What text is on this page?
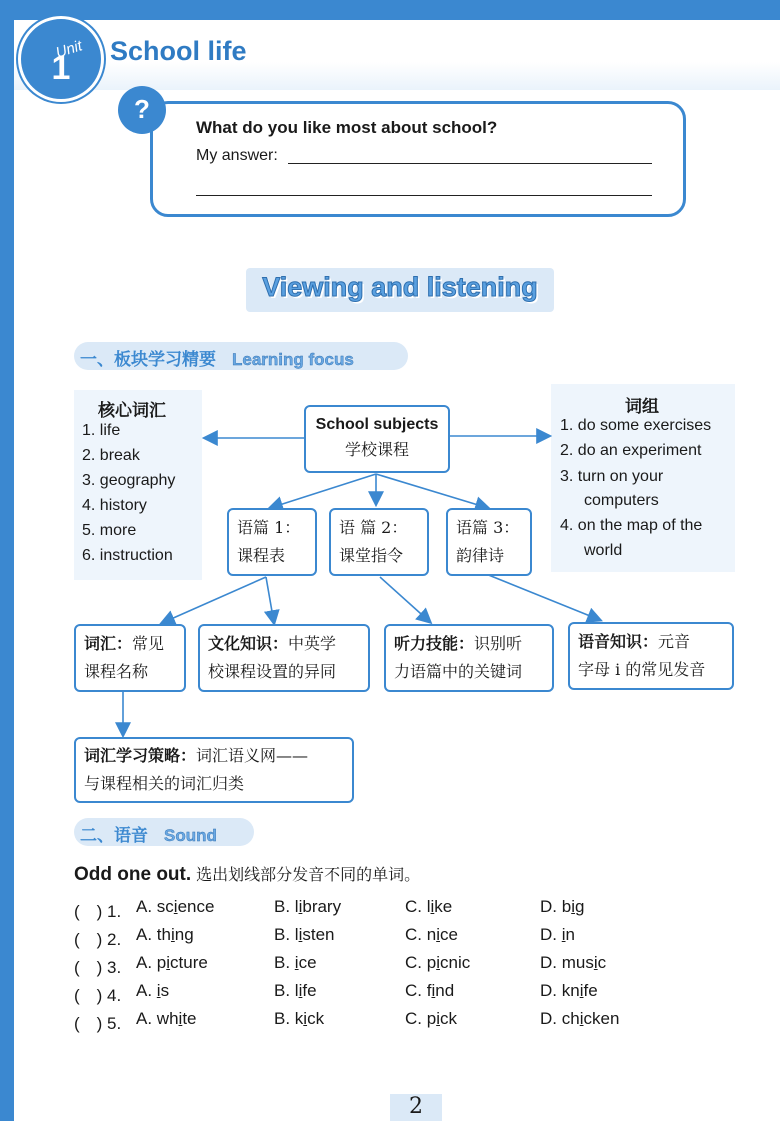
Unit
1	School life
?
What do you like most about school?
My answer:
Viewing and listening
一、板块学习精要 Learning focus
核心词汇
1. life
2. break
3. geography
4. history
5. more
6. instruction
词组
1. do some exercises
2. do an experiment
3. turn on your
computers
4. on the map of the
world
School subjects
学校课程
语篇 1：
课程表
语 篇 2：
课堂指令
语篇 3：
韵律诗
词汇：常见
课程名称
文化知识：中英学
校课程设置的异同
听力技能：识别听
力语篇中的关键词
语音知识：元音
字母 i 的常见发音
词汇学习策略：词汇语义网——
与课程相关的词汇归类
二、语音 Sound
Odd one out. 选出划线部分发音不同的单词。
(　) 1. A. science	B. library	C. like	D. big
(　) 2. A. thing	B. listen	C. nice	D. in
(　) 3. A. picture	B. ice	C. picnic	D. music
(　) 4. A. is	B. life	C. find	D. knife
(　) 5. A. white	B. kick	C. pick	D. chicken
2
